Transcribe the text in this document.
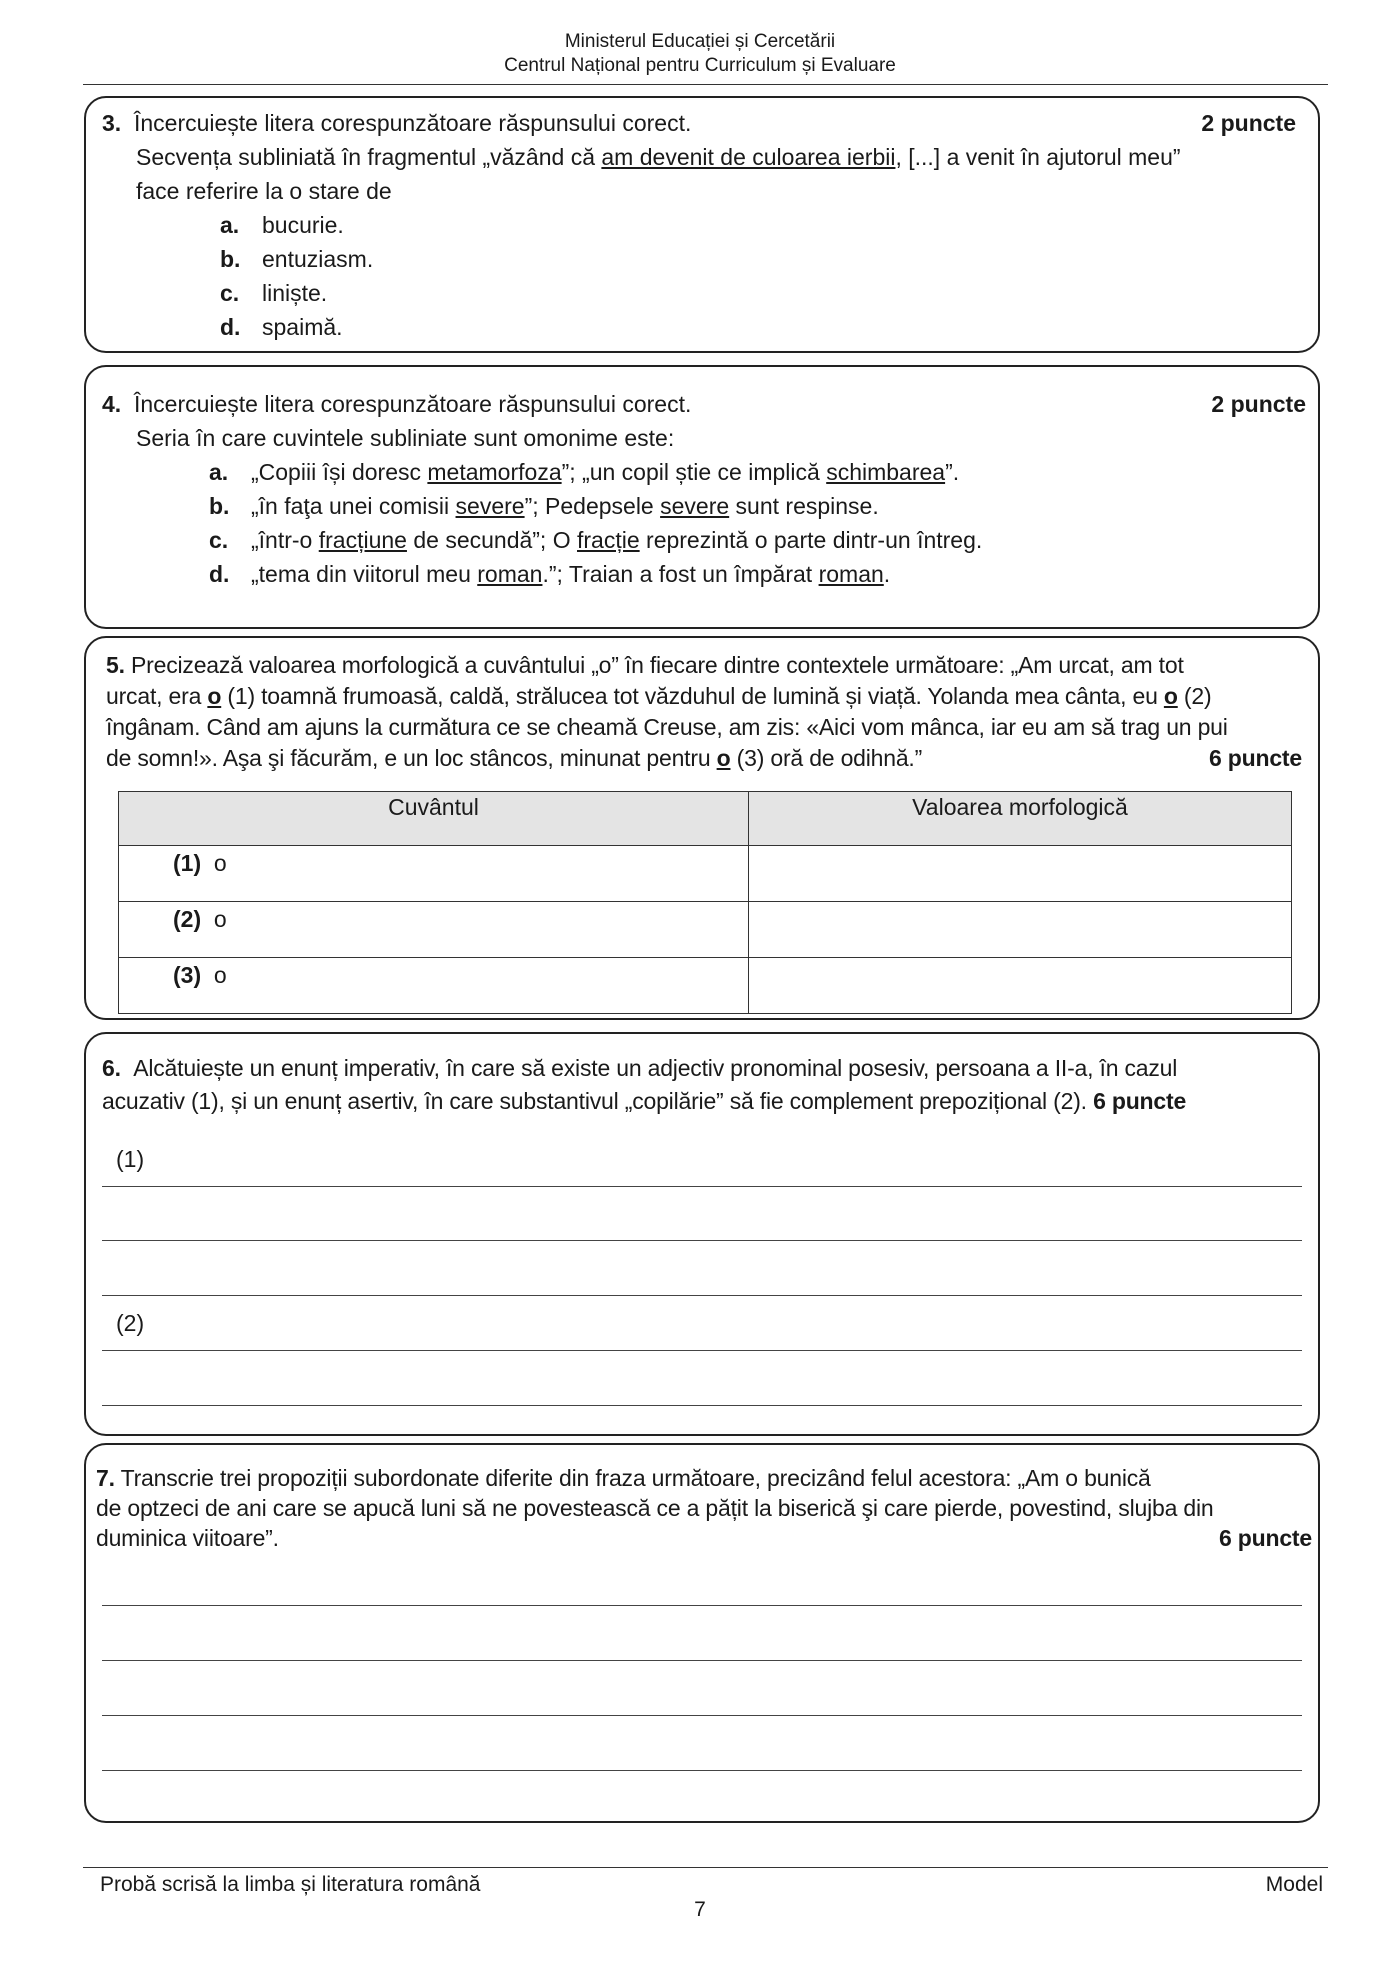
Ministerul Educației și Cercetării
Centrul Național pentru Curriculum și Evaluare
3. Încercuiește litera corespunzătoare răspunsului corect.	2 puncte
Secvența subliniată în fragmentul „văzând că am devenit de culoarea ierbii, [...] a venit în ajutorul meu”
face referire la o stare de
a. bucurie.
b. entuziasm.
c. liniște.
d. spaimă.
4. Încercuiește litera corespunzătoare răspunsului corect.	2 puncte
Seria în care cuvintele subliniate sunt omonime este:
a. „Copiii își doresc metamorfoza”; „un copil știe ce implică schimbarea”.
b. „în faţa unei comisii severe”; Pedepsele severe sunt respinse.
c. „într-o fracțiune de secundă”; O fracție reprezintă o parte dintr-un întreg.
d. „tema din viitorul meu roman.”; Traian a fost un împărat roman.
5. Precizează valoarea morfologică a cuvântului „o” în fiecare dintre contextele următoare: „Am urcat, am tot
urcat, era o (1) toamnă frumoasă, caldă, strălucea tot văzduhul de lumină și viață. Yolanda mea cânta, eu o (2)
îngânam. Când am ajuns la curmătura ce se cheamă Creuse, am zis: «Aici vom mânca, iar eu am să trag un pui
de somn!». Aşa şi făcurăm, e un loc stâncos, minunat pentru o (3) oră de odihnă.”	6 puncte
Cuvântul	Valoarea morfologică
(1) o	
(2) o	
(3) o	
6. Alcătuiește un enunț imperativ, în care să existe un adjectiv pronominal posesiv, persoana a II-a, în cazul
acuzativ (1), și un enunț asertiv, în care substantivul „copilărie” să fie complement prepozițional (2). 6 puncte
(1)
(2)
7. Transcrie trei propoziții subordonate diferite din fraza următoare, precizând felul acestora: „Am o bunică
de optzeci de ani care se apucă luni să ne povestească ce a pățit la biserică şi care pierde, povestind, slujba din
duminica viitoare”.	6 puncte
Probă scrisă la limba și literatura română	Model
7
